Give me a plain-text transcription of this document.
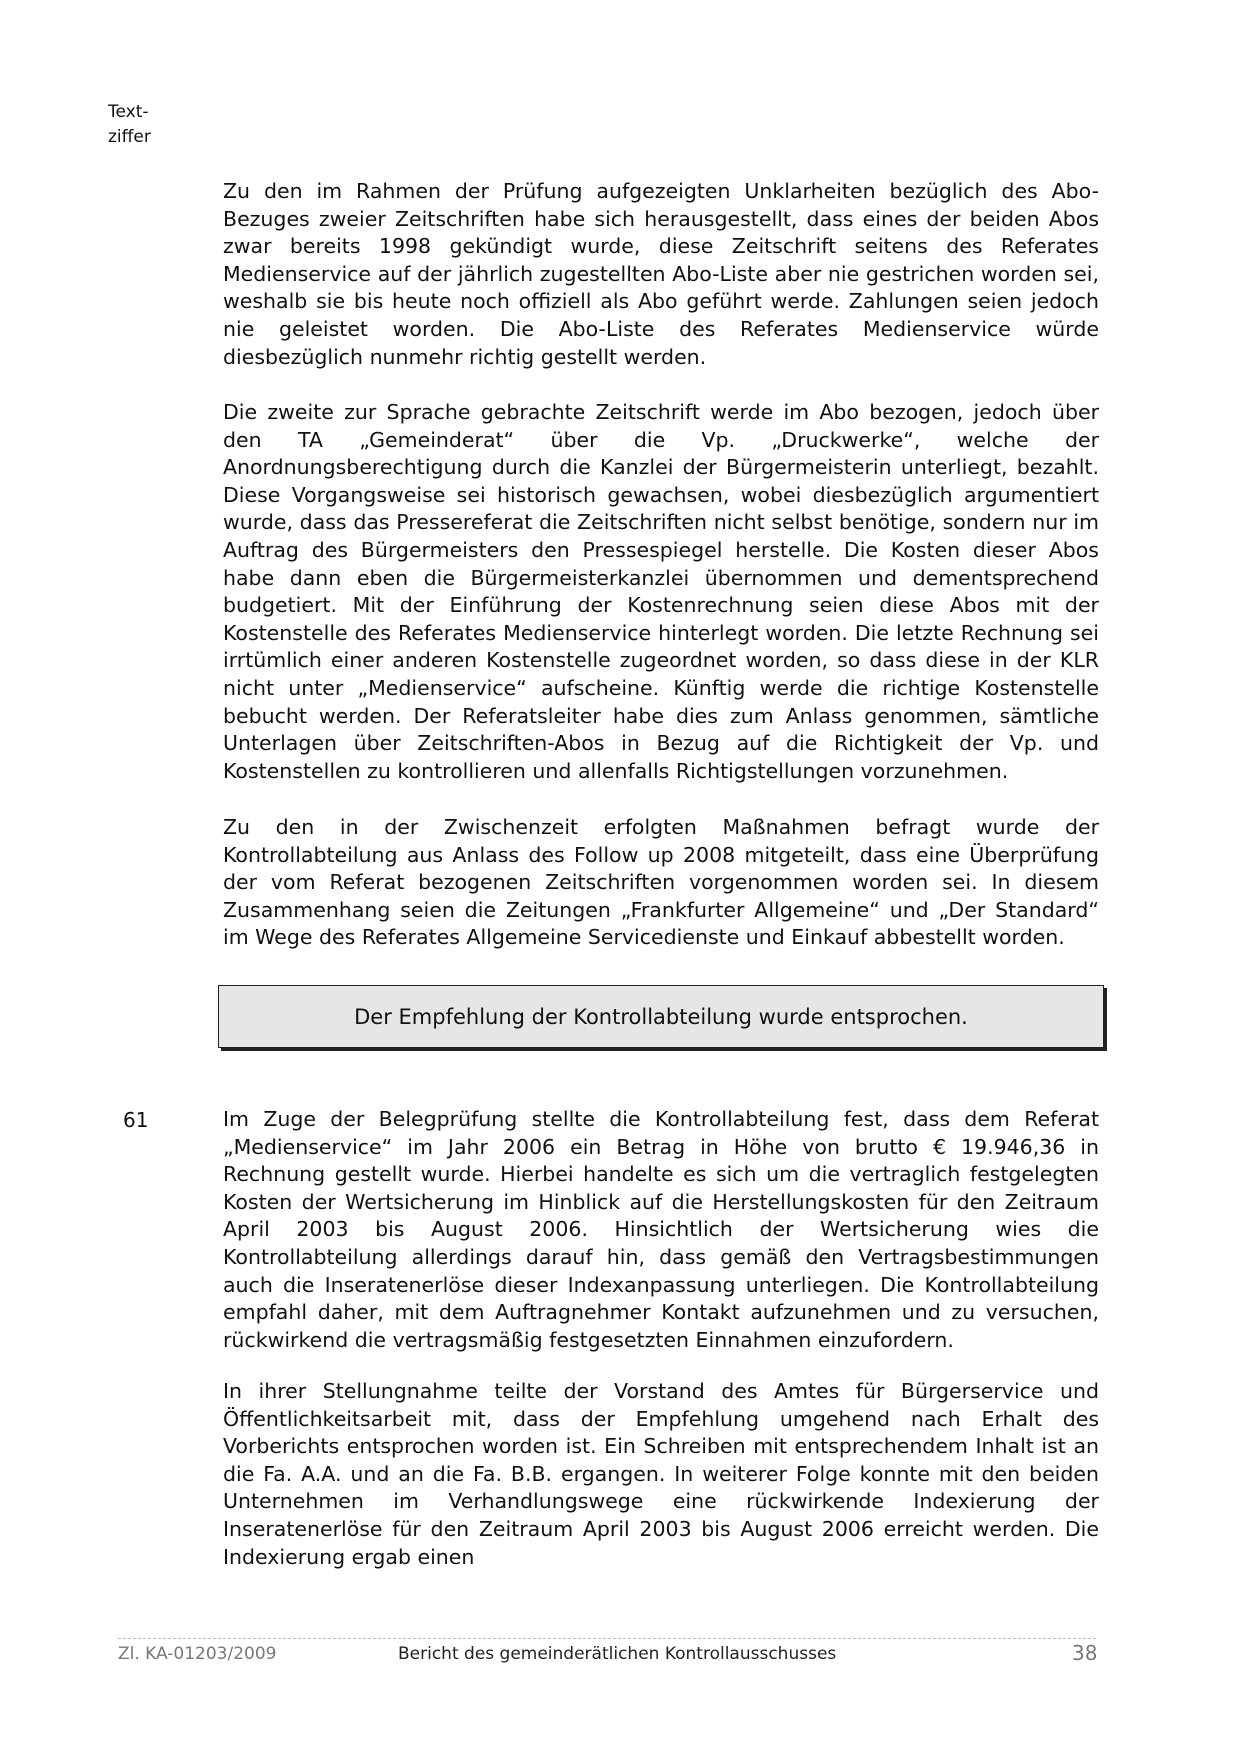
Text-
ziffer

Zu den im Rahmen der Prüfung aufgezeigten Unklarheiten bezüglich des Abo-Bezuges zweier Zeitschriften habe sich herausgestellt, dass eines der beiden Abos zwar bereits 1998 gekündigt wurde, diese Zeitschrift seitens des Referates Medienservice auf der jährlich zugestellten Abo-Liste aber nie gestrichen worden sei, weshalb sie bis heute noch offiziell als Abo geführt werde. Zahlungen seien jedoch nie geleistet worden. Die Abo-Liste des Referates Medienservice würde diesbezüglich nunmehr richtig gestellt werden.

Die zweite zur Sprache gebrachte Zeitschrift werde im Abo bezogen, jedoch über den TA „Gemeinderat“ über die Vp. „Druckwerke“, welche der Anordnungsberechtigung durch die Kanzlei der Bürgermeisterin unterliegt, bezahlt. Diese Vorgangsweise sei historisch gewachsen, wobei diesbezüglich argumentiert wurde, dass das Pressereferat die Zeitschriften nicht selbst benötige, sondern nur im Auftrag des Bürgermeisters den Pressespiegel herstelle. Die Kosten dieser Abos habe dann eben die Bürgermeisterkanzlei übernommen und dementsprechend budgetiert. Mit der Einführung der Kostenrechnung seien diese Abos mit der Kostenstelle des Referates Medienservice hinterlegt worden. Die letzte Rechnung sei irrtümlich einer anderen Kostenstelle zugeordnet worden, so dass diese in der KLR nicht unter „Medienservice“ aufscheine. Künftig werde die richtige Kostenstelle bebucht werden. Der Referatsleiter habe dies zum Anlass genommen, sämtliche Unterlagen über Zeitschriften-Abos in Bezug auf die Richtigkeit der Vp. und Kostenstellen zu kontrollieren und allenfalls Richtigstellungen vorzunehmen.

Zu den in der Zwischenzeit erfolgten Maßnahmen befragt wurde der Kontrollabteilung aus Anlass des Follow up 2008 mitgeteilt, dass eine Überprüfung der vom Referat bezogenen Zeitschriften vorgenommen worden sei. In diesem Zusammenhang seien die Zeitungen „Frankfurter Allgemeine“ und „Der Standard“ im Wege des Referates Allgemeine Servicedienste und Einkauf abbestellt worden.

Der Empfehlung der Kontrollabteilung wurde entsprochen.
61	Im Zuge der Belegprüfung stellte die Kontrollabteilung fest, dass dem Referat „Medienservice“ im Jahr 2006 ein Betrag in Höhe von brutto € 19.946,36 in Rechnung gestellt wurde. Hierbei handelte es sich um die vertraglich festgelegten Kosten der Wertsicherung im Hinblick auf die Herstellungskosten für den Zeitraum April 2003 bis August 2006. Hinsichtlich der Wertsicherung wies die Kontrollabteilung allerdings darauf hin, dass gemäß den Vertragsbestimmungen auch die Inseratenerlöse dieser Indexanpassung unterliegen. Die Kontrollabteilung empfahl daher, mit dem Auftragnehmer Kontakt aufzunehmen und zu versuchen, rückwirkend die vertragsmäßig festgesetzten Einnahmen einzufordern.

In ihrer Stellungnahme teilte der Vorstand des Amtes für Bürgerservice und Öffentlichkeitsarbeit mit, dass der Empfehlung umgehend nach Erhalt des Vorberichts entsprochen worden ist. Ein Schreiben mit entsprechendem Inhalt ist an die Fa. A.A. und an die Fa. B.B. ergangen. In weiterer Folge konnte mit den beiden Unternehmen im Verhandlungswege eine rückwirkende Indexierung der Inseratenerlöse für den Zeitraum April 2003 bis August 2006 erreicht werden. Die Indexierung ergab einen

Zl. KA-01203/2009	Bericht des gemeinderätlichen Kontrollausschusses	38
